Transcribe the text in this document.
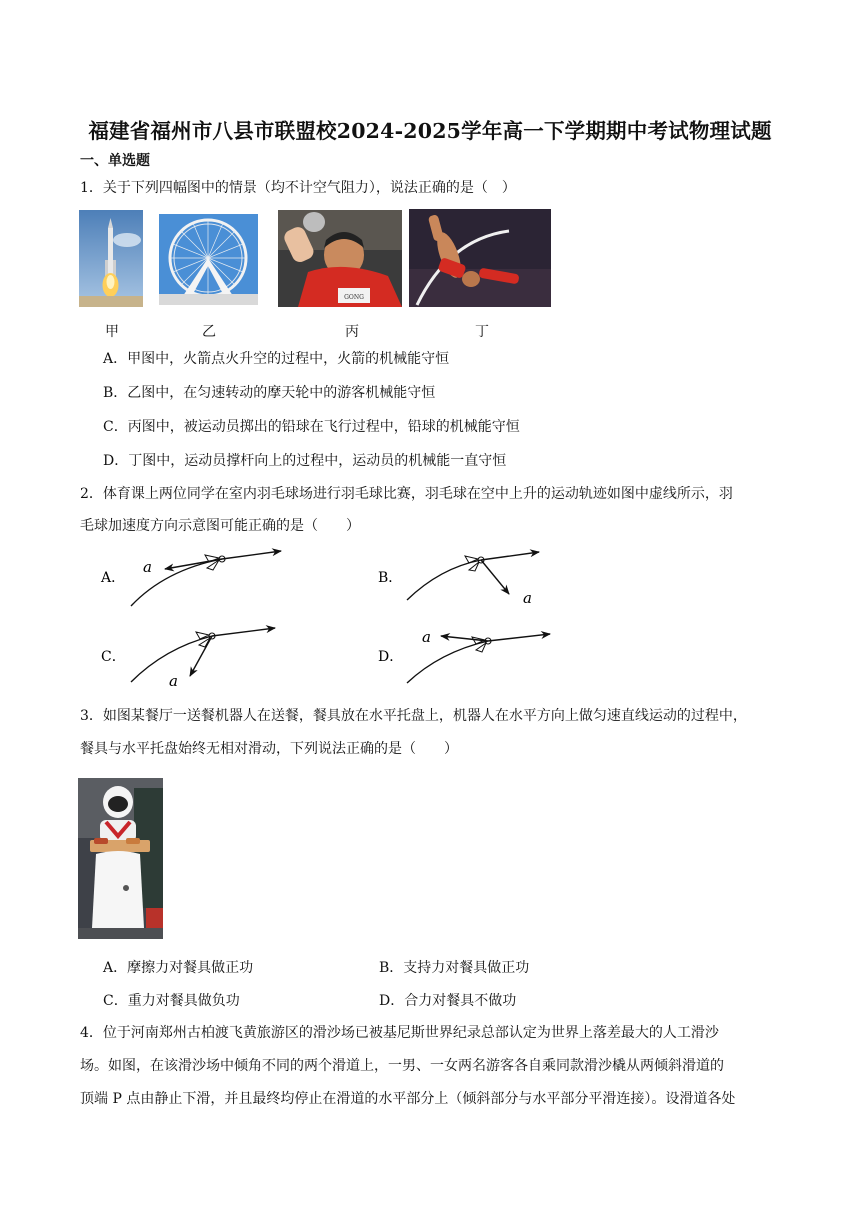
福建省福州市八县市联盟校2024-2025学年高一下学期期中考试物理试题
一、单选题
1．关于下列四幅图中的情景（均不计空气阻力），说法正确的是（　）
GONG
甲	乙	丙	丁
A．甲图中，火箭点火升空的过程中，火箭的机械能守恒
B．乙图中，在匀速转动的摩天轮中的游客机械能守恒
C．丙图中，被运动员掷出的铅球在飞行过程中，铅球的机械能守恒
D．丁图中，运动员撑杆向上的过程中，运动员的机械能一直守恒
2．体育课上两位同学在室内羽毛球场进行羽毛球比赛，羽毛球在空中上升的运动轨迹如图中虚线所示，羽
毛球加速度方向示意图可能正确的是（　　）
A．
a
B．
a
C．
a
D．
a
3．如图某餐厅一送餐机器人在送餐，餐具放在水平托盘上，机器人在水平方向上做匀速直线运动的过程中，
餐具与水平托盘始终无相对滑动，下列说法正确的是（　　）
A．摩擦力对餐具做正功	B．支持力对餐具做正功
C．重力对餐具做负功	D．合力对餐具不做功
4．位于河南郑州古柏渡飞黄旅游区的滑沙场已被基尼斯世界纪录总部认定为世界上落差最大的人工滑沙
场。如图，在该滑沙场中倾角不同的两个滑道上，一男、一女两名游客各自乘同款滑沙橇从两倾斜滑道的
顶端 P 点由静止下滑，并且最终均停止在滑道的水平部分上（倾斜部分与水平部分平滑连接）。设滑道各处
